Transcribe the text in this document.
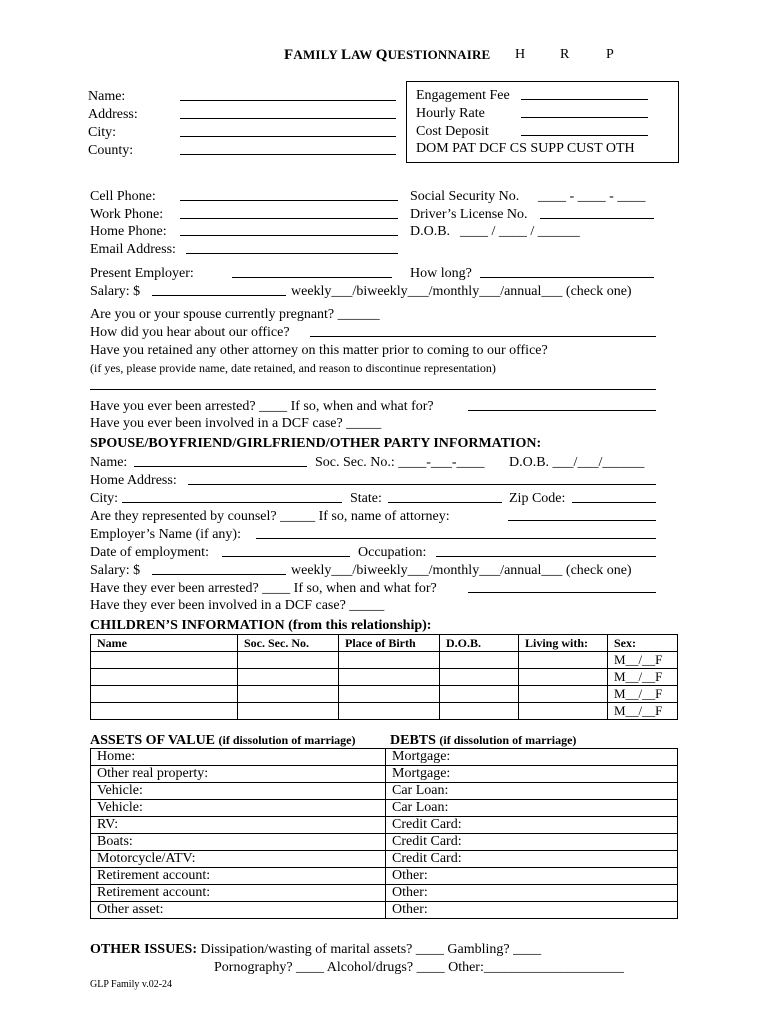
FAMILY LAW QUESTIONNAIRE H R	P
Name:
Address:
City:
County:
Engagement Fee
Hourly Rate
Cost Deposit
DOM PAT DCF CS SUPP CUST OTH
Cell Phone:
Work Phone:
Home Phone:
Email Address:
Social Security No. ____ - ____ - ____
Driver’s License No.
D.O.B. ____ / ____ / ______
Present Employer:	How long?
Salary: $	weekly___/biweekly___/monthly___/annual___ (check one)
Are you or your spouse currently pregnant? ______
How did you hear about our office?
Have you retained any other attorney on this matter prior to coming to our office?
(if yes, please provide name, date retained, and reason to discontinue representation)
Have you ever been arrested? ____ If so, when and what for?
Have you ever been involved in a DCF case? _____
SPOUSE/BOYFRIEND/GIRLFRIEND/OTHER PARTY INFORMATION:
Name:	Soc. Sec. No.: ____-___-____ D.O.B. ___/___/______
Home Address:
City:	State:	Zip Code:
Are they represented by counsel? _____ If so, name of attorney:
Employer’s Name (if any):
Date of employment:	Occupation:
Salary: $	weekly___/biweekly___/monthly___/annual___ (check one)
Have they ever been arrested? ____ If so, when and what for?
Have they ever been involved in a DCF case? _____
CHILDREN’S INFORMATION (from this relationship):
Name	Soc. Sec. No.	Place of Birth	D.O.B.	Living with:	Sex:
					M__/__F
					M__/__F
					M__/__F
					M__/__F
ASSETS OF VALUE (if dissolution of marriage) DEBTS (if dissolution of marriage)
Home:	Mortgage:
Other real property:	Mortgage:
Vehicle:	Car Loan:
Vehicle:	Car Loan:
RV:	Credit Card:
Boats:	Credit Card:
Motorcycle/ATV:	Credit Card:
Retirement account:	Other:
Retirement account:	Other:
Other asset:	Other:
OTHER ISSUES: Dissipation/wasting of marital assets? ____ Gambling? ____
Pornography? ____ Alcohol/drugs? ____ Other:____________________
GLP Family v.02-24
